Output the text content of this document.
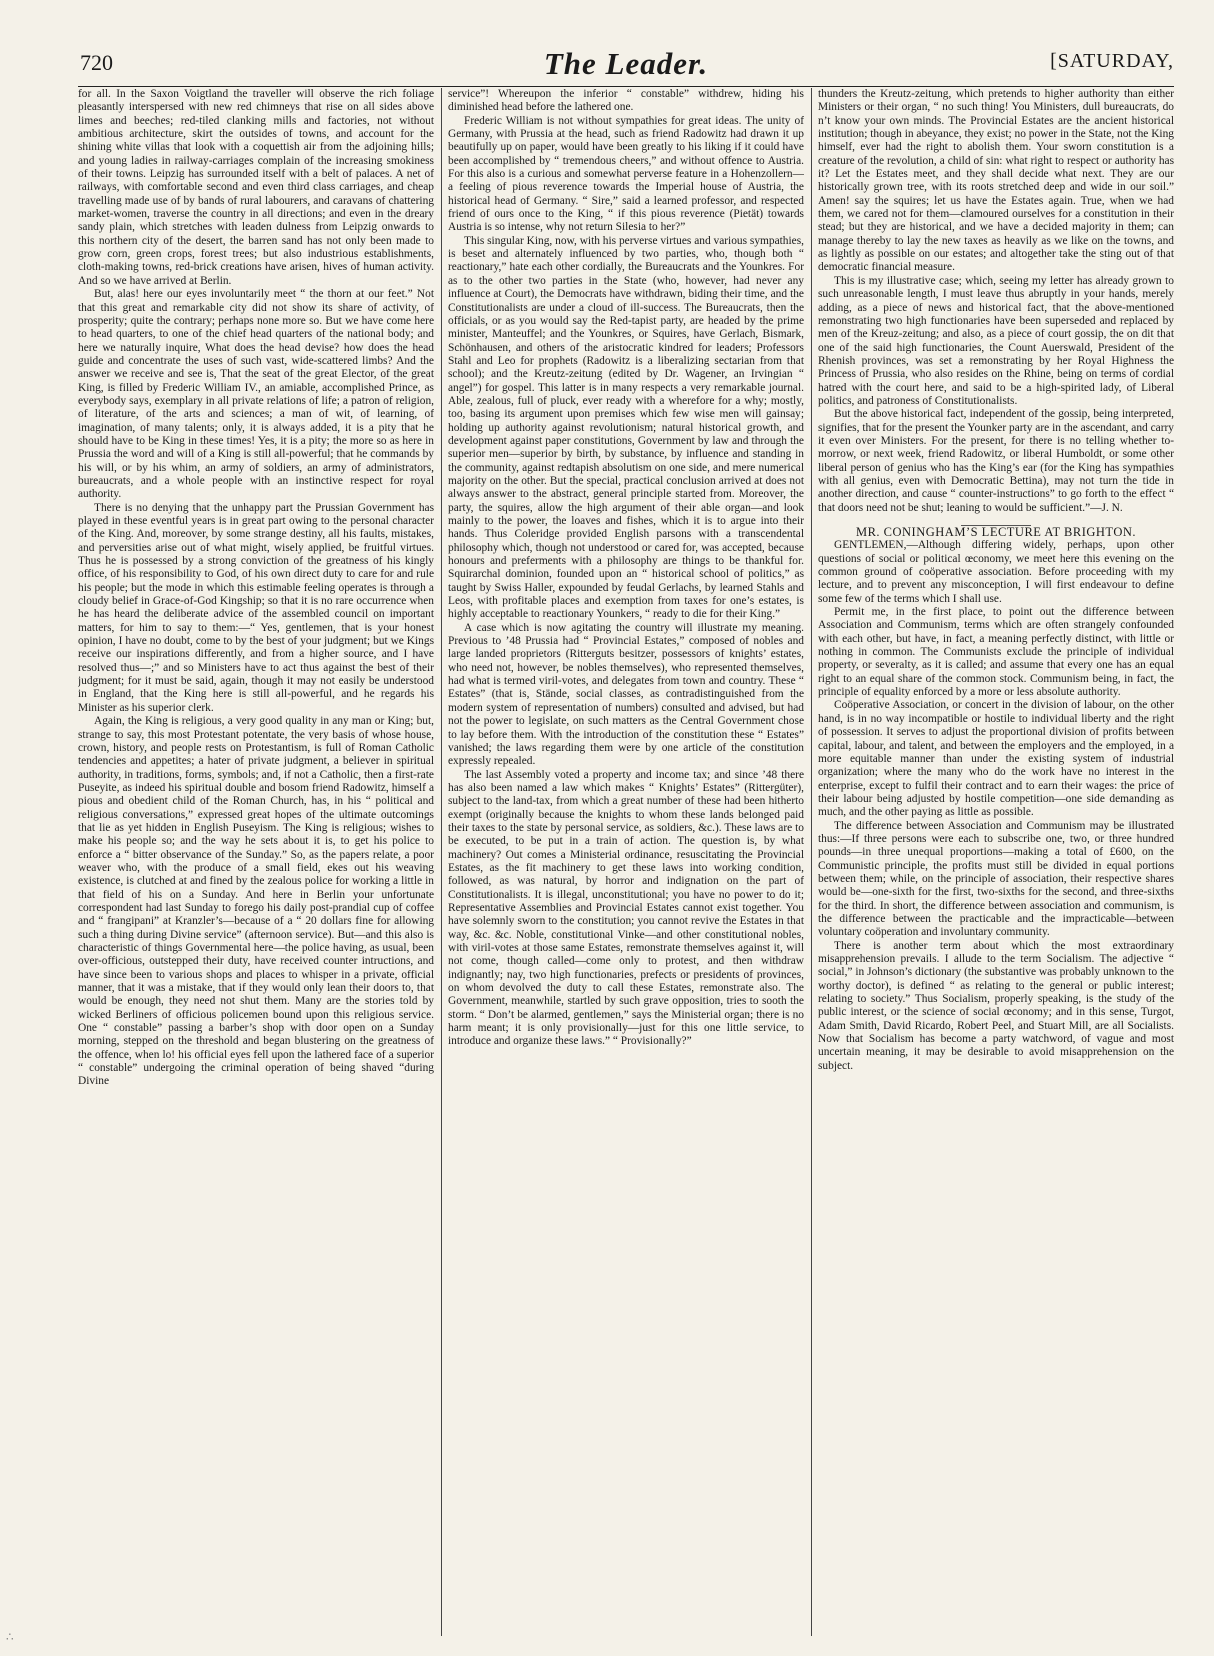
720	The Leader.	[SATURDAY,

for all. In the Saxon Voigtland the traveller will observe the rich foliage pleasantly interspersed with new red chimneys that rise on all sides above limes and beeches; red-tiled clanking mills and factories, not without ambitious architecture, skirt the outsides of towns, and account for the shining white villas that look with a coquettish air from the adjoining hills; and young ladies in railway-carriages complain of the increasing smokiness of their towns. Leipzig has surrounded itself with a belt of palaces. A net of railways, with comfortable second and even third class carriages, and cheap travelling made use of by bands of rural labourers, and caravans of chattering market-women, traverse the country in all directions; and even in the dreary sandy plain, which stretches with leaden dulness from Leipzig onwards to this northern city of the desert, the barren sand has not only been made to grow corn, green crops, forest trees; but also industrious establishments, cloth-making towns, red-brick creations have arisen, hives of human activity. And so we have arrived at Berlin.

But, alas! here our eyes involuntarily meet “ the thorn at our feet.” Not that this great and remarkable city did not show its share of activity, of prosperity; quite the contrary; perhaps none more so. But we have come here to head quarters, to one of the chief head quarters of the national body; and here we naturally inquire, What does the head devise? how does the head guide and concentrate the uses of such vast, wide-scattered limbs? And the answer we receive and see is, That the seat of the great Elector, of the great King, is filled by Frederic William IV., an amiable, accomplished Prince, as everybody says, exemplary in all private relations of life; a patron of religion, of literature, of the arts and sciences; a man of wit, of learning, of imagination, of many talents; only, it is always added, it is a pity that he should have to be King in these times! Yes, it is a pity; the more so as here in Prussia the word and will of a King is still all-powerful; that he commands by his will, or by his whim, an army of soldiers, an army of administrators, bureaucrats, and a whole people with an instinctive respect for royal authority.

There is no denying that the unhappy part the Prussian Government has played in these eventful years is in great part owing to the personal character of the King. And, moreover, by some strange destiny, all his faults, mistakes, and perversities arise out of what might, wisely applied, be fruitful virtues. Thus he is possessed by a strong conviction of the greatness of his kingly office, of his responsibility to God, of his own direct duty to care for and rule his people; but the mode in which this estimable feeling operates is through a cloudy belief in Grace-of-God Kingship; so that it is no rare occurrence when he has heard the deliberate advice of the assembled council on important matters, for him to say to them:—“ Yes, gentlemen, that is your honest opinion, I have no doubt, come to by the best of your judgment; but we Kings receive our inspirations differently, and from a higher source, and I have resolved thus—;” and so Ministers have to act thus against the best of their judgment; for it must be said, again, though it may not easily be understood in England, that the King here is still all-powerful, and he regards his Minister as his superior clerk.

Again, the King is religious, a very good quality in any man or King; but, strange to say, this most Protestant potentate, the very basis of whose house, crown, history, and people rests on Protestantism, is full of Roman Catholic tendencies and appetites; a hater of private judgment, a believer in spiritual authority, in traditions, forms, symbols; and, if not a Catholic, then a first-rate Puseyite, as indeed his spiritual double and bosom friend Radowitz, himself a pious and obedient child of the Roman Church, has, in his “ political and religious conversations,” expressed great hopes of the ultimate outcomings that lie as yet hidden in English Puseyism. The King is religious; wishes to make his people so; and the way he sets about it is, to get his police to enforce a “ bitter observance of the Sunday.” So, as the papers relate, a poor weaver who, with the produce of a small field, ekes out his weaving existence, is clutched at and fined by the zealous police for working a little in that field of his on a Sunday. And here in Berlin your unfortunate correspondent had last Sunday to forego his daily post-prandial cup of coffee and “ frangipani” at Kranzler’s—because of a “ 20 dollars fine for allowing such a thing during Divine service” (afternoon service). But—and this also is characteristic of things Governmental here—the police having, as usual, been over-officious, outstepped their duty, have received counter intructions, and have since been to various shops and places to whisper in a private, official manner, that it was a mistake, that if they would only lean their doors to, that would be enough, they need not shut them. Many are the stories told by wicked Berliners of officious policemen bound upon this religious service. One “ constable” passing a barber’s shop with door open on a Sunday morning, stepped on the threshold and began blustering on the greatness of the offence, when lo! his official eyes fell upon the lathered face of a superior “ constable” undergoing the criminal operation of being shaved “during Divine

service”! Whereupon the inferior “ constable” withdrew, hiding his diminished head before the lathered one.

Frederic William is not without sympathies for great ideas. The unity of Germany, with Prussia at the head, such as friend Radowitz had drawn it up beautifully up on paper, would have been greatly to his liking if it could have been accomplished by “ tremendous cheers,” and without offence to Austria. For this also is a curious and somewhat perverse feature in a Hohenzollern—a feeling of pious reverence towards the Imperial house of Austria, the historical head of Germany. “ Sire,” said a learned professor, and respected friend of ours once to the King, “ if this pious reverence (Pietät) towards Austria is so intense, why not return Silesia to her?”

This singular King, now, with his perverse virtues and various sympathies, is beset and alternately influenced by two parties, who, though both “ reactionary,” hate each other cordially, the Bureaucrats and the Younkres. For as to the other two parties in the State (who, however, had never any influence at Court), the Democrats have withdrawn, biding their time, and the Constitutionalists are under a cloud of ill-success. The Bureaucrats, then the officials, or as you would say the Red-tapist party, are headed by the prime minister, Manteuffel; and the Younkres, or Squires, have Gerlach, Bismark, Schönhausen, and others of the aristocratic kindred for leaders; Professors Stahl and Leo for prophets (Radowitz is a liberalizing sectarian from that school); and the Kreutz-zeitung (edited by Dr. Wagener, an Irvingian “ angel”) for gospel. This latter is in many respects a very remarkable journal. Able, zealous, full of pluck, ever ready with a wherefore for a why; mostly, too, basing its argument upon premises which few wise men will gainsay; holding up authority against revolutionism; natural historical growth, and development against paper constitutions, Government by law and through the superior men—superior by birth, by substance, by influence and standing in the community, against redtapish absolutism on one side, and mere numerical majority on the other. But the special, practical conclusion arrived at does not always answer to the abstract, general principle started from. Moreover, the party, the squires, allow the high argument of their able organ—and look mainly to the power, the loaves and fishes, which it is to argue into their hands. Thus Coleridge provided English parsons with a transcendental philosophy which, though not understood or cared for, was accepted, because honours and preferments with a philosophy are things to be thankful for. Squirarchal dominion, founded upon an “ historical school of politics,” as taught by Swiss Haller, expounded by feudal Gerlachs, by learned Stahls and Leos, with profitable places and exemption from taxes for one’s estates, is highly acceptable to reactionary Younkers, “ ready to die for their King.”

A case which is now agitating the country will illustrate my meaning. Previous to ’48 Prussia had “ Provincial Estates,” composed of nobles and large landed proprietors (Ritterguts besitzer, possessors of knights’ estates, who need not, however, be nobles themselves), who represented themselves, had what is termed viril-votes, and delegates from town and country. These “ Estates” (that is, Stände, social classes, as contradistinguished from the modern system of representation of numbers) consulted and advised, but had not the power to legislate, on such matters as the Central Government chose to lay before them. With the introduction of the constitution these “ Estates” vanished; the laws regarding them were by one article of the constitution expressly repealed.

The last Assembly voted a property and income tax; and since ’48 there has also been named a law which makes “ Knights’ Estates” (Rittergüter), subject to the land-tax, from which a great number of these had been hitherto exempt (originally because the knights to whom these lands belonged paid their taxes to the state by personal service, as soldiers, &c.). These laws are to be executed, to be put in a train of action. The question is, by what machinery? Out comes a Ministerial ordinance, resuscitating the Provincial Estates, as the fit machinery to get these laws into working condition, followed, as was natural, by horror and indignation on the part of Constitutionalists. It is illegal, unconstitutional; you have no power to do it; Representative Assemblies and Provincial Estates cannot exist together. You have solemnly sworn to the constitution; you cannot revive the Estates in that way, &c. &c. Noble, constitutional Vinke—and other constitutional nobles, with viril-votes at those same Estates, remonstrate themselves against it, will not come, though called—come only to protest, and then withdraw indignantly; nay, two high functionaries, prefects or presidents of provinces, on whom devolved the duty to call these Estates, remonstrate also. The Government, meanwhile, startled by such grave opposition, tries to sooth the storm. “ Don’t be alarmed, gentlemen,” says the Ministerial organ; there is no harm meant; it is only provisionally—just for this one little service, to introduce and organize these laws.” “ Provisionally?”

thunders the Kreutz-zeitung, which pretends to higher authority than either Ministers or their organ, “ no such thing! You Ministers, dull bureaucrats, do n’t know your own minds. The Provincial Estates are the ancient historical institution; though in abeyance, they exist; no power in the State, not the King himself, ever had the right to abolish them. Your sworn constitution is a creature of the revolution, a child of sin: what right to respect or authority has it? Let the Estates meet, and they shall decide what next. They are our historically grown tree, with its roots stretched deep and wide in our soil.” Amen! say the squires; let us have the Estates again. True, when we had them, we cared not for them—clamoured ourselves for a constitution in their stead; but they are historical, and we have a decided majority in them; can manage thereby to lay the new taxes as heavily as we like on the towns, and as lightly as possible on our estates; and altogether take the sting out of that democratic financial measure.

This is my illustrative case; which, seeing my letter has already grown to such unreasonable length, I must leave thus abruptly in your hands, merely adding, as a piece of news and historical fact, that the above-mentioned remonstrating two high functionaries have been superseded and replaced by men of the Kreuz-zeitung; and also, as a piece of court gossip, the on dit that one of the said high functionaries, the Count Auerswald, President of the Rhenish provinces, was set a remonstrating by her Royal Highness the Princess of Prussia, who also resides on the Rhine, being on terms of cordial hatred with the court here, and said to be a high-spirited lady, of Liberal politics, and patroness of Constitutionalists.

But the above historical fact, independent of the gossip, being interpreted, signifies, that for the present the Younker party are in the ascendant, and carry it even over Ministers. For the present, for there is no telling whether to-morrow, or next week, friend Radowitz, or liberal Humboldt, or some other liberal person of genius who has the King’s ear (for the King has sympathies with all genius, even with Democratic Bettina), may not turn the tide in another direction, and cause “ counter-instructions” to go forth to the effect “ that doors need not be shut; leaning to would be sufficient.”—J. N.

MR. CONINGHAM’S LECTURE AT BRIGHTON.

GENTLEMEN,—Although differing widely, perhaps, upon other questions of social or political œconomy, we meet here this evening on the common ground of coöperative association. Before proceeding with my lecture, and to prevent any misconception, I will first endeavour to define some few of the terms which I shall use.

Permit me, in the first place, to point out the difference between Association and Communism, terms which are often strangely confounded with each other, but have, in fact, a meaning perfectly distinct, with little or nothing in common. The Communists exclude the principle of individual property, or severalty, as it is called; and assume that every one has an equal right to an equal share of the common stock. Communism being, in fact, the principle of equality enforced by a more or less absolute authority.

Coöperative Association, or concert in the division of labour, on the other hand, is in no way incompatible or hostile to individual liberty and the right of possession. It serves to adjust the proportional division of profits between capital, labour, and talent, and between the employers and the employed, in a more equitable manner than under the existing system of industrial organization; where the many who do the work have no interest in the enterprise, except to fulfil their contract and to earn their wages: the price of their labour being adjusted by hostile competition—one side demanding as much, and the other paying as little as possible.

The difference between Association and Communism may be illustrated thus:—If three persons were each to subscribe one, two, or three hundred pounds—in three unequal proportions—making a total of £600, on the Communistic principle, the profits must still be divided in equal portions between them; while, on the principle of association, their respective shares would be—one-sixth for the first, two-sixths for the second, and three-sixths for the third. In short, the difference between association and communism, is the difference between the practicable and the impracticable—between voluntary coöperation and involuntary community.

There is another term about which the most extraordinary misapprehension prevails. I allude to the term Socialism. The adjective “ social,” in Johnson’s dictionary (the substantive was probably unknown to the worthy doctor), is defined “ as relating to the general or public interest; relating to society.” Thus Socialism, properly speaking, is the study of the public interest, or the science of social œconomy; and in this sense, Turgot, Adam Smith, David Ricardo, Robert Peel, and Stuart Mill, are all Socialists. Now that Socialism has become a party watchword, of vague and most uncertain meaning, it may be desirable to avoid misapprehension on the subject.

∴
